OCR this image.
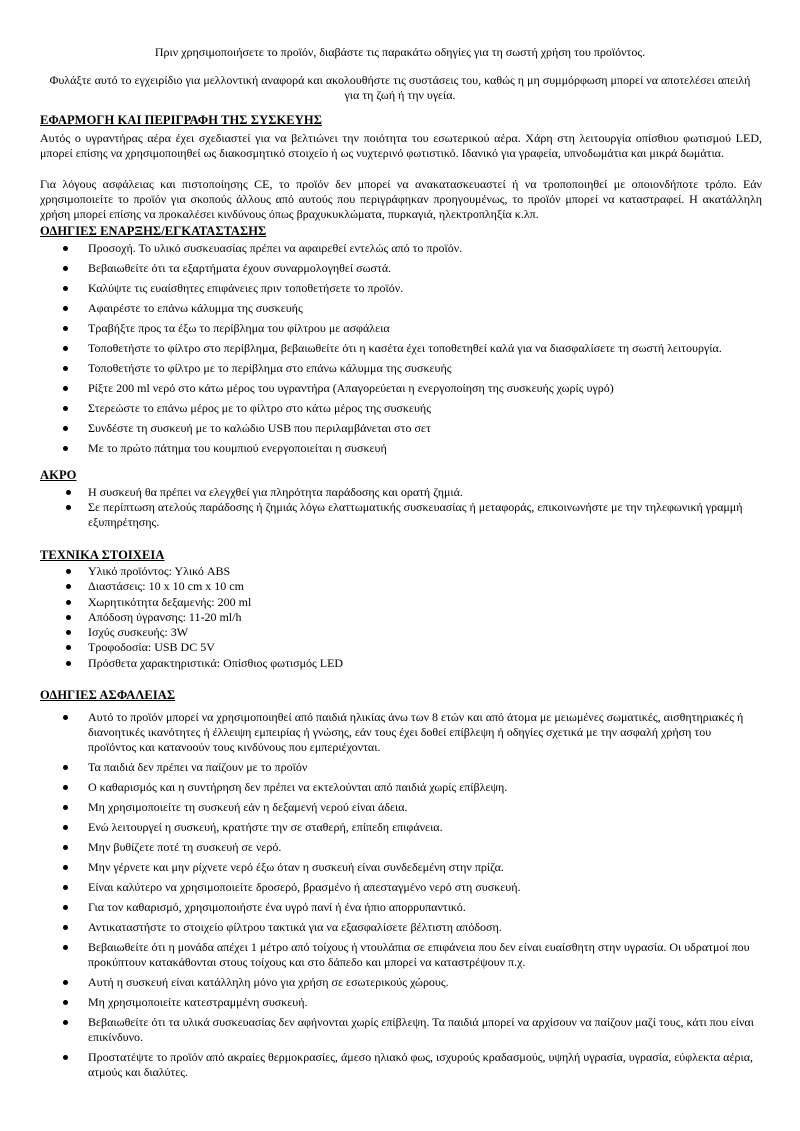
Πριν χρησιμοποιήσετε το προϊόν, διαβάστε τις παρακάτω οδηγίες για τη σωστή χρήση του προϊόντος.
Φυλάξτε αυτό το εγχειρίδιο για μελλοντική αναφορά και ακολουθήστε τις συστάσεις του, καθώς η μη συμμόρφωση μπορεί να αποτελέσει απειλή για τη ζωή ή την υγεία.
ΕΦΑΡΜΟΓΗ ΚΑΙ ΠΕΡΙΓΡΑΦΗ ΤΗΣ ΣΥΣΚΕΥΗΣ
Αυτός ο υγραντήρας αέρα έχει σχεδιαστεί για να βελτιώνει την ποιότητα του εσωτερικού αέρα. Χάρη στη λειτουργία οπίσθιου φωτισμού LED, μπορεί επίσης να χρησιμοποιηθεί ως διακοσμητικό στοιχείο ή ως νυχτερινό φωτιστικό. Ιδανικό για γραφεία, υπνοδωμάτια και μικρά δωμάτια.
Για λόγους ασφάλειας και πιστοποίησης CE, το προϊόν δεν μπορεί να ανακατασκευαστεί ή να τροποποιηθεί με οποιονδήποτε τρόπο. Εάν χρησιμοποιείτε το προϊόν για σκοπούς άλλους από αυτούς που περιγράφηκαν προηγουμένως, το προϊόν μπορεί να καταστραφεί. Η ακατάλληλη χρήση μπορεί επίσης να προκαλέσει κινδύνους όπως βραχυκυκλώματα, πυρκαγιά, ηλεκτροπληξία κ.λπ.
ΟΔΗΓΙΕΣ ΕΝΑΡΞΗΣ/ΕΓΚΑΤΑΣΤΑΣΗΣ
Προσοχή. Το υλικό συσκευασίας πρέπει να αφαιρεθεί εντελώς από το προϊόν.
Βεβαιωθείτε ότι τα εξαρτήματα έχουν συναρμολογηθεί σωστά.
Καλύψτε τις ευαίσθητες επιφάνειες πριν τοποθετήσετε το προϊόν.
Αφαιρέστε το επάνω κάλυμμα της συσκευής
Τραβήξτε προς τα έξω το περίβλημα του φίλτρου με ασφάλεια
Τοποθετήστε το φίλτρο στο περίβλημα, βεβαιωθείτε ότι η κασέτα έχει τοποθετηθεί καλά για να διασφαλίσετε τη σωστή λειτουργία.
Τοποθετήστε το φίλτρο με το περίβλημα στο επάνω κάλυμμα της συσκευής
Ρίξτε 200 ml νερό στο κάτω μέρος του υγραντήρα (Απαγορεύεται η ενεργοποίηση της συσκευής χωρίς υγρό)
Στερεώστε το επάνω μέρος με το φίλτρο στο κάτω μέρος της συσκευής
Συνδέστε τη συσκευή με το καλώδιο USB που περιλαμβάνεται στο σετ
Με το πρώτο πάτημα του κουμπιού ενεργοποιείται η συσκευή
ΑΚΡΟ
Η συσκευή θα πρέπει να ελεγχθεί για πληρότητα παράδοσης και ορατή ζημιά.
Σε περίπτωση ατελούς παράδοσης ή ζημιάς λόγω ελαττωματικής συσκευασίας ή μεταφοράς, επικοινωνήστε με την τηλεφωνική γραμμή εξυπηρέτησης.
ΤΕΧΝΙΚΑ ΣΤΟΙΧΕΙΑ
Υλικό προϊόντος: Υλικό ABS
Διαστάσεις: 10 x 10 cm x 10 cm
Χωρητικότητα δεξαμενής: 200 ml
Απόδοση ύγρανσης: 11-20 ml/h
Ισχύς συσκευής: 3W
Τροφοδοσία: USB DC 5V
Πρόσθετα χαρακτηριστικά: Οπίσθιος φωτισμός LED
ΟΔΗΓΙΕΣ ΑΣΦΑΛΕΙΑΣ
Αυτό το προϊόν μπορεί να χρησιμοποιηθεί από παιδιά ηλικίας άνω των 8 ετών και από άτομα με μειωμένες σωματικές, αισθητηριακές ή διανοητικές ικανότητες ή έλλειψη εμπειρίας ή γνώσης, εάν τους έχει δοθεί επίβλεψη ή οδηγίες σχετικά με την ασφαλή χρήση του προϊόντος και κατανοούν τους κινδύνους που εμπεριέχονται.
Τα παιδιά δεν πρέπει να παίζουν με το προϊόν
Ο καθαρισμός και η συντήρηση δεν πρέπει να εκτελούνται από παιδιά χωρίς επίβλεψη.
Μη χρησιμοποιείτε τη συσκευή εάν η δεξαμενή νερού είναι άδεια.
Ενώ λειτουργεί η συσκευή, κρατήστε την σε σταθερή, επίπεδη επιφάνεια.
Μην βυθίζετε ποτέ τη συσκευή σε νερό.
Μην γέρνετε και μην ρίχνετε νερό έξω όταν η συσκευή είναι συνδεδεμένη στην πρίζα.
Είναι καλύτερο να χρησιμοποιείτε δροσερό, βρασμένο ή απεσταγμένο νερό στη συσκευή.
Για τον καθαρισμό, χρησιμοποιήστε ένα υγρό πανί ή ένα ήπιο απορρυπαντικό.
Αντικαταστήστε το στοιχείο φίλτρου τακτικά για να εξασφαλίσετε βέλτιστη απόδοση.
Βεβαιωθείτε ότι η μονάδα απέχει 1 μέτρο από τοίχους ή ντουλάπια σε επιφάνεια που δεν είναι ευαίσθητη στην υγρασία. Οι υδρατμοί που προκύπτουν κατακάθονται στους τοίχους και στο δάπεδο και μπορεί να καταστρέψουν π.χ.
Αυτή η συσκευή είναι κατάλληλη μόνο για χρήση σε εσωτερικούς χώρους.
Μη χρησιμοποιείτε κατεστραμμένη συσκευή.
Βεβαιωθείτε ότι τα υλικά συσκευασίας δεν αφήνονται χωρίς επίβλεψη. Τα παιδιά μπορεί να αρχίσουν να παίζουν μαζί τους, κάτι που είναι επικίνδυνο.
Προστατέψτε το προϊόν από ακραίες θερμοκρασίες, άμεσο ηλιακό φως, ισχυρούς κραδασμούς, υψηλή υγρασία, υγρασία, εύφλεκτα αέρια, ατμούς και διαλύτες.
